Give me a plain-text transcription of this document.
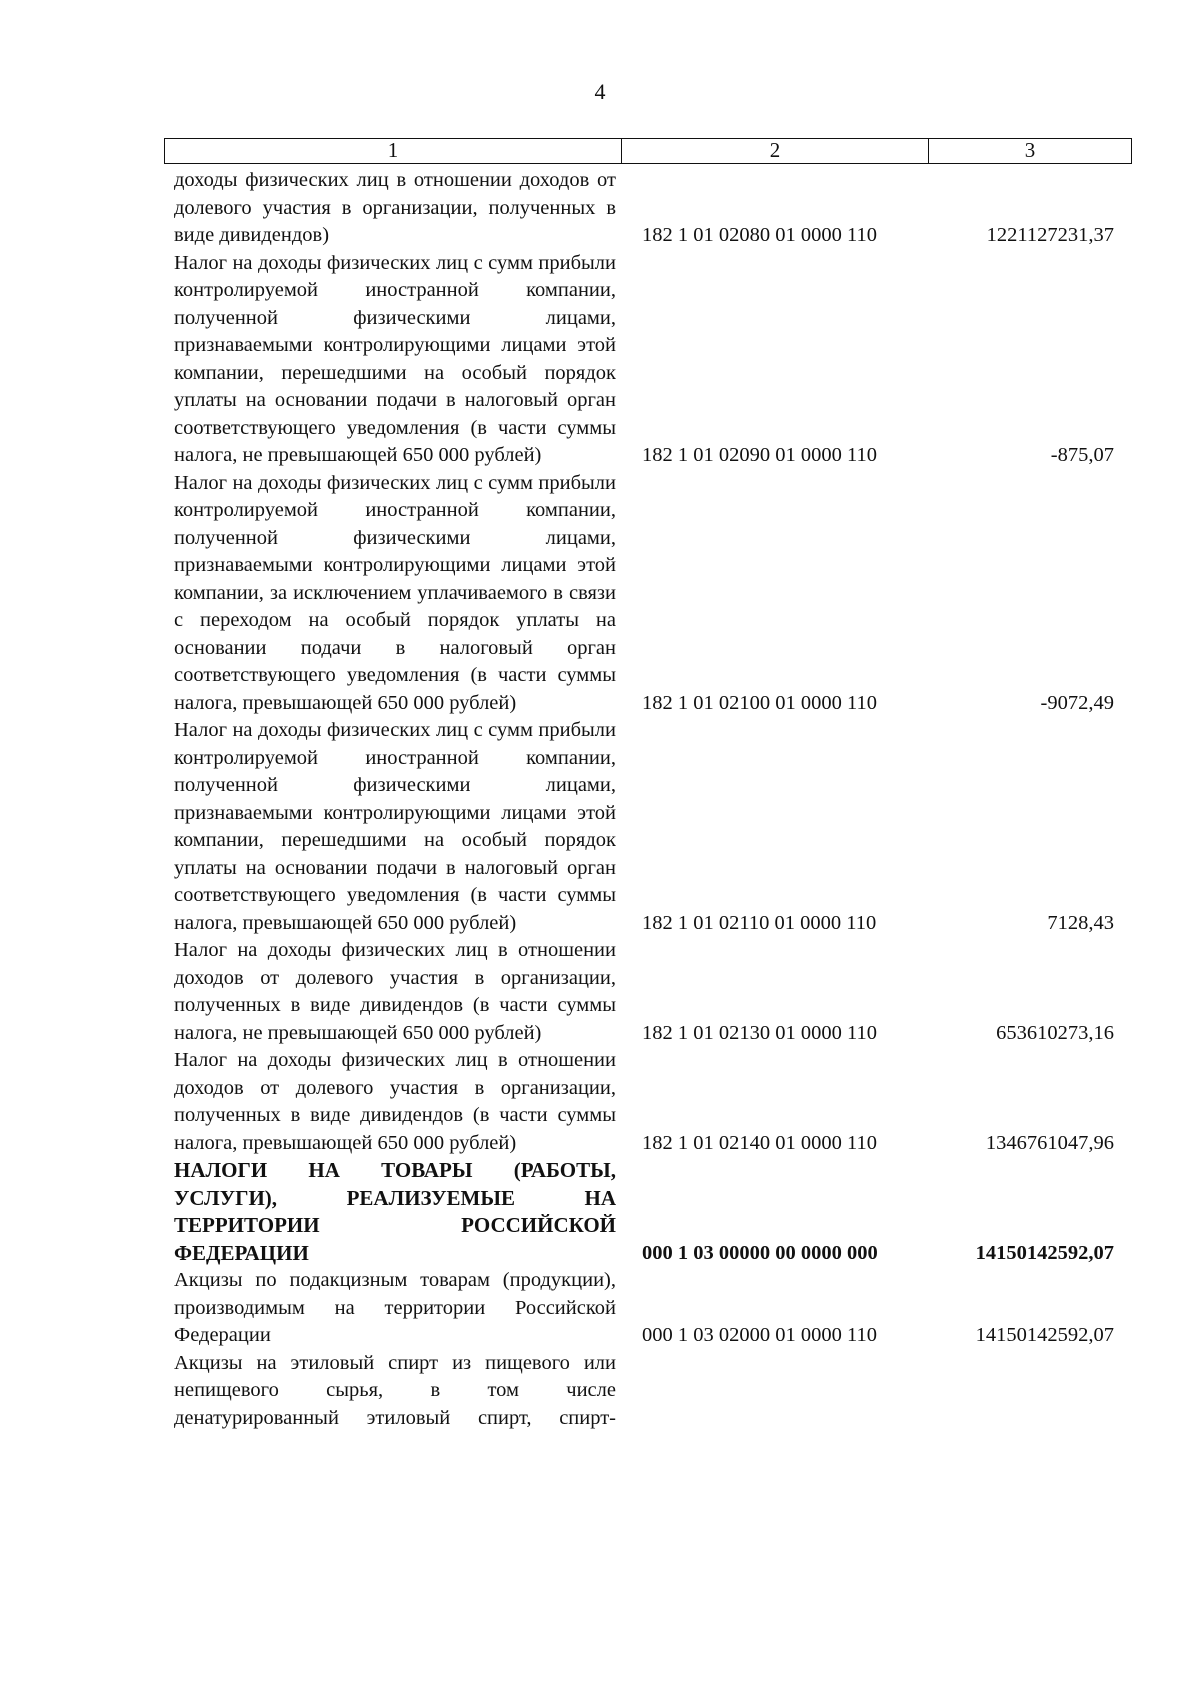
4
1	2	3
доходы физических лиц в отношении доходов от долевого участия в организации, полученных в виде дивидендов)	182 1 01 02080 01 0000 110	1221127231,37
Налог на доходы физических лиц с сумм прибыли контролируемой иностранной компании, полученной физическими лицами, признаваемыми контролирующими лицами этой компании, перешедшими на особый порядок уплаты на основании подачи в налоговый орган соответствующего уведомления (в части суммы налога, не превышающей 650 000 рублей)	182 1 01 02090 01 0000 110	-875,07
Налог на доходы физических лиц с сумм прибыли контролируемой иностранной компании, полученной физическими лицами, признаваемыми контролирующими лицами этой компании, за исключением уплачиваемого в связи с переходом на особый порядок уплаты на основании подачи в налоговый орган соответствующего уведомления (в части суммы налога, превышающей 650 000 рублей)	182 1 01 02100 01 0000 110	-9072,49
Налог на доходы физических лиц с сумм прибыли контролируемой иностранной компании, полученной физическими лицами, признаваемыми контролирующими лицами этой компании, перешедшими на особый порядок уплаты на основании подачи в налоговый орган соответствующего уведомления (в части суммы налога, превышающей 650 000 рублей)	182 1 01 02110 01 0000 110	7128,43
Налог на доходы физических лиц в отношении доходов от долевого участия в организации, полученных в виде дивидендов (в части суммы налога, не превышающей 650 000 рублей)	182 1 01 02130 01 0000 110	653610273,16
Налог на доходы физических лиц в отношении доходов от долевого участия в организации, полученных в виде дивидендов (в части суммы налога, превышающей 650 000 рублей)	182 1 01 02140 01 0000 110	1346761047,96
НАЛОГИ НА ТОВАРЫ (РАБОТЫ, УСЛУГИ), РЕАЛИЗУЕМЫЕ НА ТЕРРИТОРИИ РОССИЙСКОЙ ФЕДЕРАЦИИ	000 1 03 00000 00 0000 000	14150142592,07
Акцизы по подакцизным товарам (продукции), производимым на территории Российской Федерации	000 1 03 02000 01 0000 110	14150142592,07
Акцизы на этиловый спирт из пищевого или непищевого сырья, в том числе денатурированный этиловый спирт, спирт-
